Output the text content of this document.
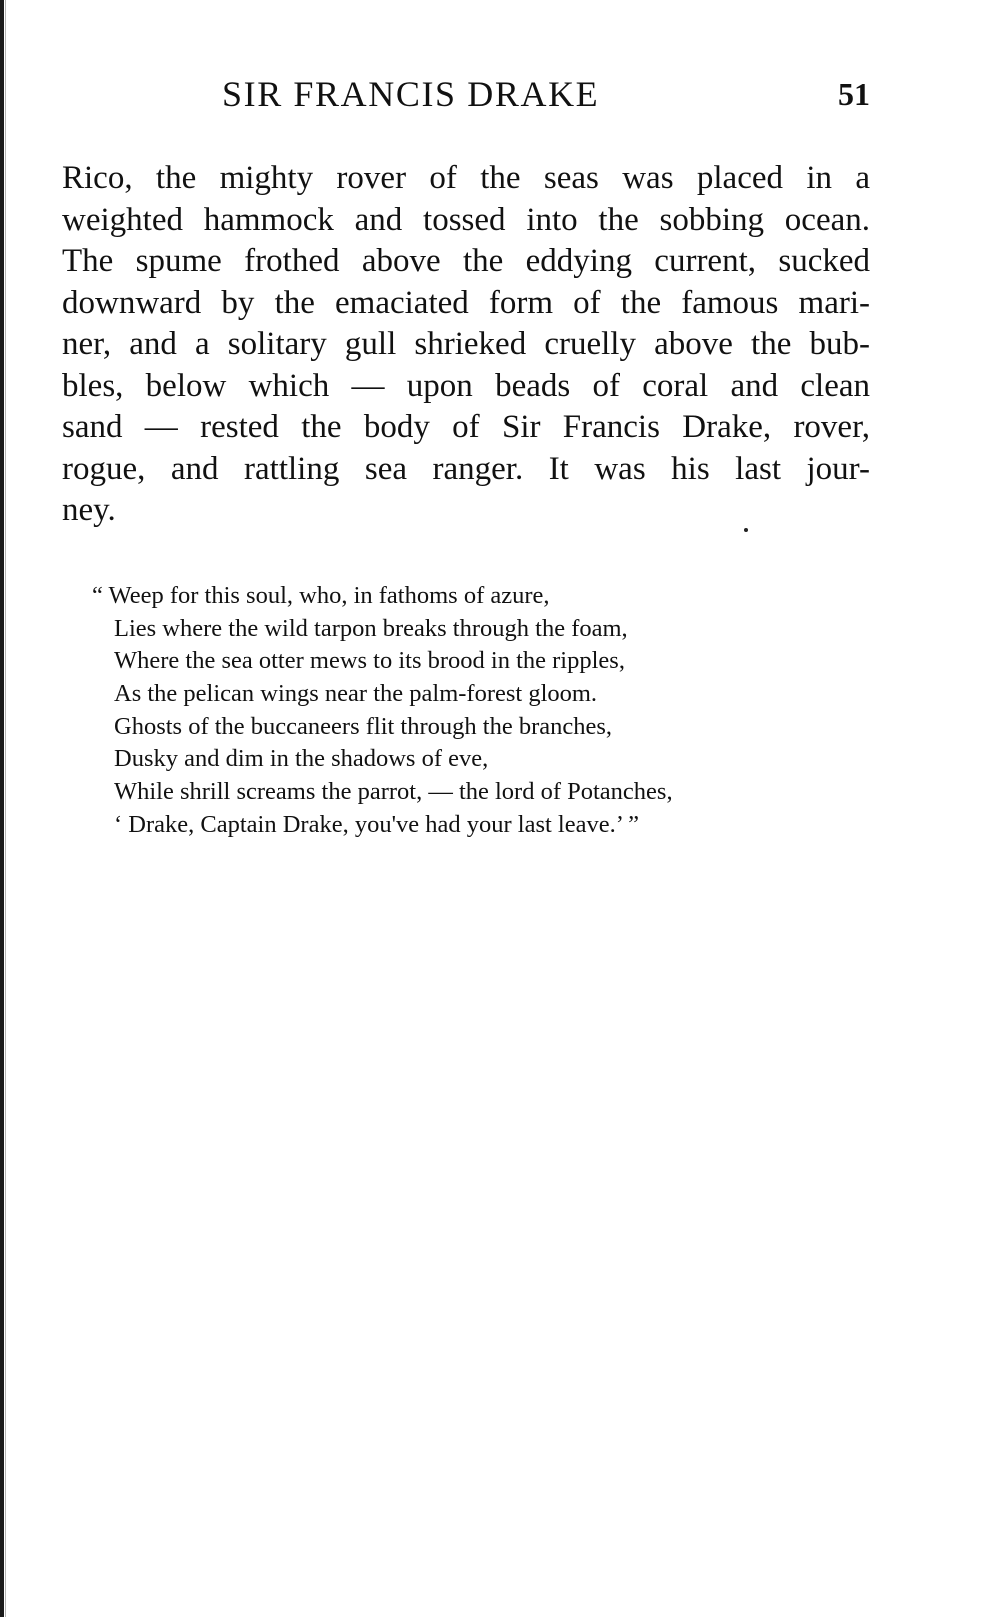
SIR FRANCIS DRAKE	51
Rico, the mighty rover of the seas was placed in a
weighted hammock and tossed into the sobbing ocean.
The spume frothed above the eddying current, sucked
downward by the emaciated form of the famous mari-
ner, and a solitary gull shrieked cruelly above the bub-
bles, below which — upon beads of coral and clean
sand — rested the body of Sir Francis Drake, rover,
rogue, and rattling sea ranger. It was his last jour-
ney.
“ Weep for this soul, who, in fathoms of azure,
Lies where the wild tarpon breaks through the foam,
Where the sea otter mews to its brood in the ripples,
As the pelican wings near the palm-forest gloom.
Ghosts of the buccaneers flit through the branches,
Dusky and dim in the shadows of eve,
While shrill screams the parrot, — the lord of Potanches,
‘ Drake, Captain Drake, you've had your last leave.’ ”
